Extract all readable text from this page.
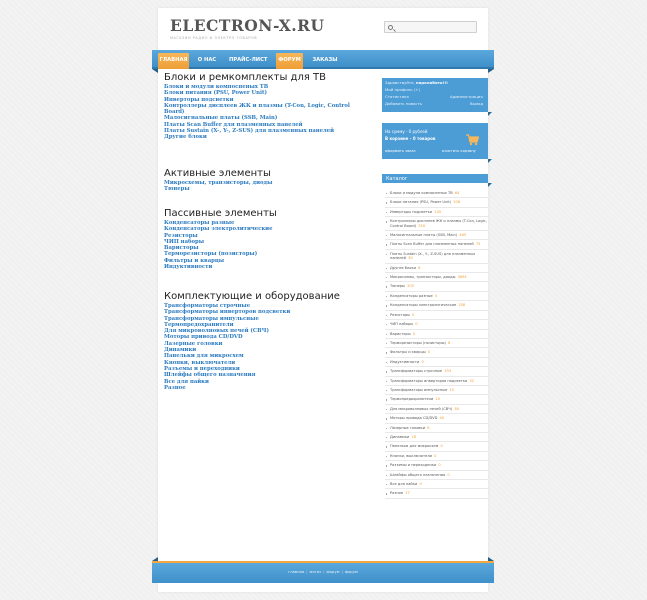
ELECTRON-X.RU
МАГАЗИН РАДИО И ЭЛЕКТРО ТОВАРОВ
ГЛАВНАЯ	О НАС	ПРАЙС-ЛИСТ	ФОРУМ	ЗАКАЗЫ
Блоки и ремкомплекты для ТВ
Блоки и модули компоспеных ТВ
Блоки питания (PSU, Power Unit)
Инверторы подсветки
Контроллеры дисплеев ЖК и плазмы (T-Con, Logic, Control Board)
Малосигнальные платы (SSB, Main)
Платы Scan Buffer для плазменных панелей
Платы Sustain (X-, Y-, Z-SUS) для плазменных панелей
Другие блоки
Активные элементы
Микросхемы, транзисторы, диоды
Тюнеры
Пассивные элементы
Конденсаторы разные
Конденсаторы электролитические
Резисторы
ЧИП наборы
Варисторы
Терморезисторы (позисторы)
Фильтры и кварцы
Индуктивности
Комплектующие и оборудование
Трансформаторы строчные
Трансформаторы инверторов подсветки
Трансформаторы импульсные
Термопредохранители
Для микроволновых печей (СВЧ)
Моторы привода CD/DVD
Лазерные головки
Динамики
Панельки для микросхем
Кнопки, выключатели
Разъемы и переходники
Шлейфы общего назначения
Все для пайки
Разное
Здравствуйте, паралобото!!!
Мой профиль (+)
Статистика	Администрация
Добавить новость	Выход
На сумму - 0 рублей
В корзине - 0 товаров
оформить заказ	очистить корзину
Каталог
Блоки и модули компоспеных ТВ 64
Блоки питания (PSU, Power Unit) 208
Инверторы подсветки 145
Контроллеры дисплеев ЖК и плазмы (T-Con, Logic, Control Board) 316
Малосигнальные платы (SSB, Main) 465
Платы Scan Buffer для плазменных панелей 75
Платы Sustain (X-, Y-, Z-SUS) для плазменных панелей 30
Другие блоки 6
Микросхемы, транзисторы, диоды 3894
Тюнеры 205
Конденсаторы разные 0
Конденсаторы электролитические 258
Резисторы 0
ЧИП наборы 0
Варисторы 0
Терморезисторы (позисторы) 6
Фильтры и кварцы 0
Индуктивности 0
Трансформаторы строчные 333
Трансформаторы инверторов подсветки 32
Трансформаторы импульсные 15
Термопредохранители 10
Для микроволновых печей (СВЧ) 38
Моторы привода CD/DVD 40
Лазерные головки 8
Динамики 18
Панельки для микросхем 0
Кнопки, выключатели 0
Разъемы и переходники 0
Шлейфы общего назначения 0
Все для пайки 0
Разное 17
главная | магаз | форум | форум
